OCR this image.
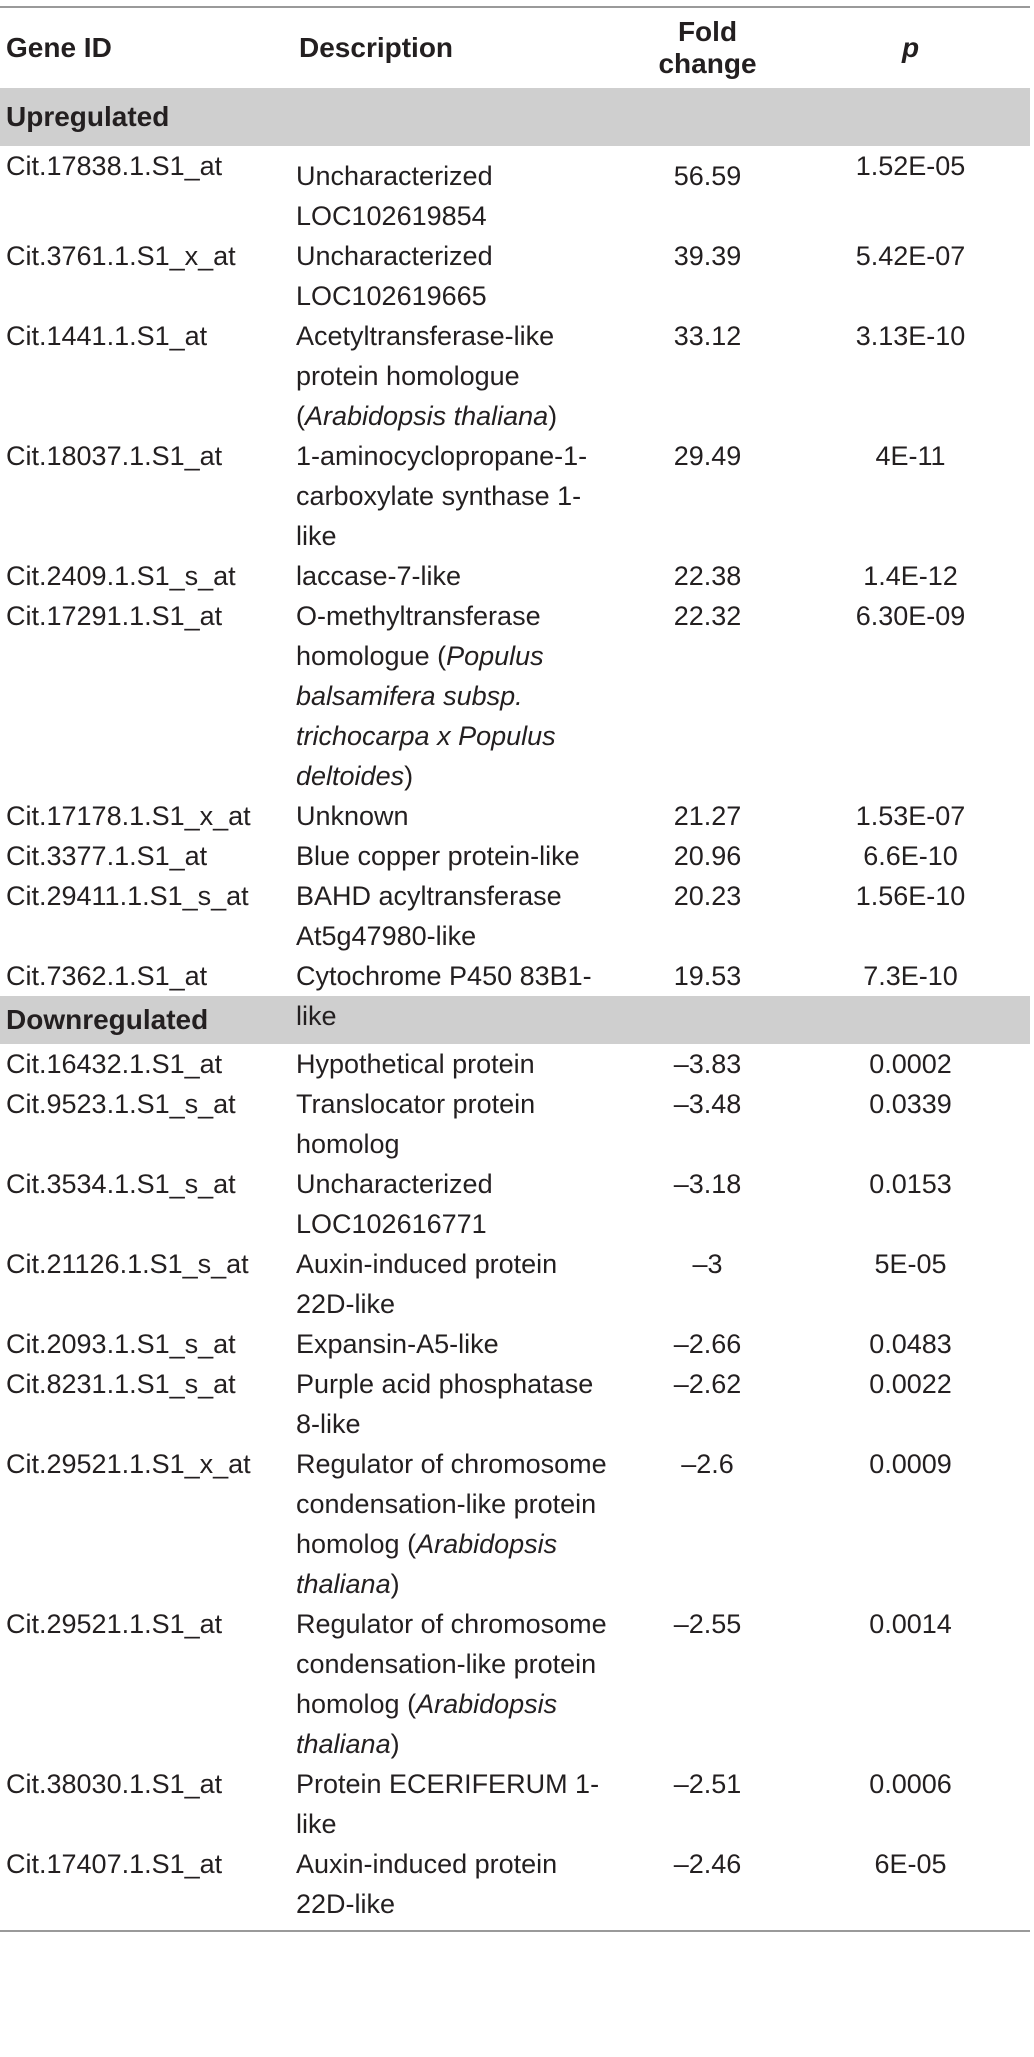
Gene ID	Description	Fold change	p
Upregulated			
Cit.17838.1.S1_at	Uncharacterized LOC102619854	56.59	1.52E-05
Cit.3761.1.S1_x_at	Uncharacterized LOC102619665	39.39	5.42E-07
Cit.1441.1.S1_at	Acetyltransferase-like protein homologue (Arabidopsis thaliana)	33.12	3.13E-10
Cit.18037.1.S1_at	1-aminocyclopropane-1-carboxylate synthase 1-like	29.49	4E-11
Cit.2409.1.S1_s_at	laccase-7-like	22.38	1.4E-12
Cit.17291.1.S1_at	O-methyltransferase homologue (Populus balsamifera subsp. trichocarpa x Populus deltoides)	22.32	6.30E-09
Cit.17178.1.S1_x_at	Unknown	21.27	1.53E-07
Cit.3377.1.S1_at	Blue copper protein-like	20.96	6.6E-10
Cit.29411.1.S1_s_at	BAHD acyltransferase At5g47980-like	20.23	1.56E-10
Cit.7362.1.S1_at	Cytochrome P450 83B1-like	19.53	7.3E-10
Downregulated			
Cit.16432.1.S1_at	Hypothetical protein	–3.83	0.0002
Cit.9523.1.S1_s_at	Translocator protein homolog	–3.48	0.0339
Cit.3534.1.S1_s_at	Uncharacterized LOC102616771	–3.18	0.0153
Cit.21126.1.S1_s_at	Auxin-induced protein 22D-like	–3	5E-05
Cit.2093.1.S1_s_at	Expansin-A5-like	–2.66	0.0483
Cit.8231.1.S1_s_at	Purple acid phosphatase 8-like	–2.62	0.0022
Cit.29521.1.S1_x_at	Regulator of chromosome condensation-like protein homolog (Arabidopsis thaliana)	–2.6	0.0009
Cit.29521.1.S1_at	Regulator of chromosome condensation-like protein homolog (Arabidopsis thaliana)	–2.55	0.0014
Cit.38030.1.S1_at	Protein ECERIFERUM 1-like	–2.51	0.0006
Cit.17407.1.S1_at	Auxin-induced protein 22D-like	–2.46	6E-05
